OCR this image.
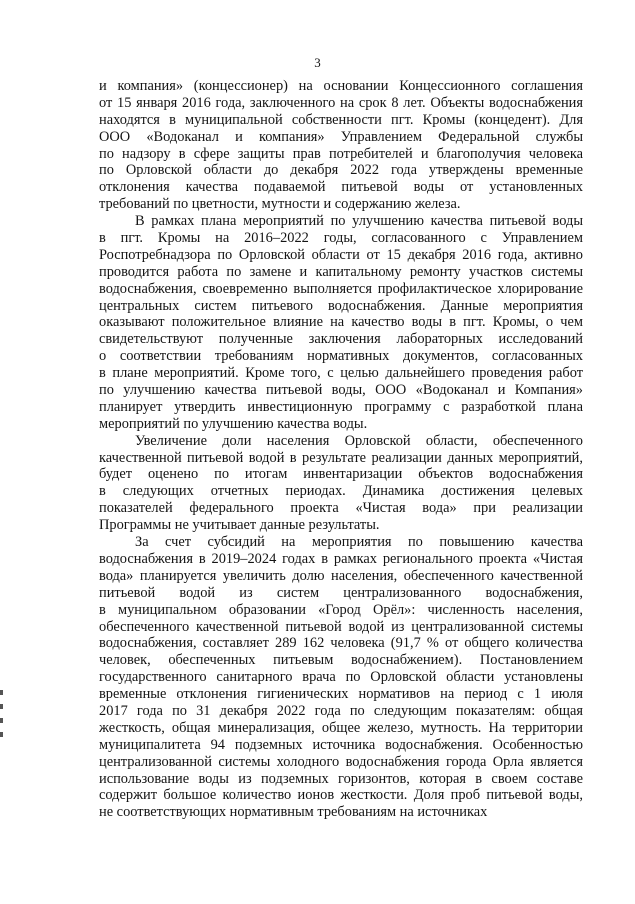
3
и компания» (концессионер) на основании Концессионного соглашения
от 15 января 2016 года, заключенного на срок 8 лет. Объекты водоснабжения
находятся в муниципальной собственности пгт. Кромы (концедент). Для
ООО «Водоканал и компания» Управлением Федеральной службы
по надзору в сфере защиты прав потребителей и благополучия человека
по Орловской области до декабря 2022 года утверждены временные
отклонения качества подаваемой питьевой воды от установленных
требований по цветности, мутности и содержанию железа.
В рамках плана мероприятий по улучшению качества питьевой воды
в пгт. Кромы на 2016–2022 годы, согласованного с Управлением
Роспотребнадзора по Орловской области от 15 декабря 2016 года, активно
проводится работа по замене и капитальному ремонту участков системы
водоснабжения, своевременно выполняется профилактическое хлорирование
центральных систем питьевого водоснабжения. Данные мероприятия
оказывают положительное влияние на качество воды в пгт. Кромы, о чем
свидетельствуют полученные заключения лабораторных исследований
о соответствии требованиям нормативных документов, согласованных
в плане мероприятий. Кроме того, с целью дальнейшего проведения работ
по улучшению качества питьевой воды, ООО «Водоканал и Компания»
планирует утвердить инвестиционную программу с разработкой плана
мероприятий по улучшению качества воды.
Увеличение доли населения Орловской области, обеспеченного
качественной питьевой водой в результате реализации данных мероприятий,
будет оценено по итогам инвентаризации объектов водоснабжения
в следующих отчетных периодах. Динамика достижения целевых
показателей федерального проекта «Чистая вода» при реализации
Программы не учитывает данные результаты.
За счет субсидий на мероприятия по повышению качества
водоснабжения в 2019–2024 годах в рамках регионального проекта «Чистая
вода» планируется увеличить долю населения, обеспеченного качественной
питьевой водой из систем централизованного водоснабжения,
в муниципальном образовании «Город Орёл»: численность населения,
обеспеченного качественной питьевой водой из централизованной системы
водоснабжения, составляет 289 162 человека (91,7 % от общего количества
человек, обеспеченных питьевым водоснабжением). Постановлением
государственного санитарного врача по Орловской области установлены
временные отклонения гигиенических нормативов на период с 1 июля
2017 года по 31 декабря 2022 года по следующим показателям: общая
жесткость, общая минерализация, общее железо, мутность. На территории
муниципалитета 94 подземных источника водоснабжения. Особенностью
централизованной системы холодного водоснабжения города Орла является
использование воды из подземных горизонтов, которая в своем составе
содержит большое количество ионов жесткости. Доля проб питьевой воды,
не соответствующих нормативным требованиям на источниках
